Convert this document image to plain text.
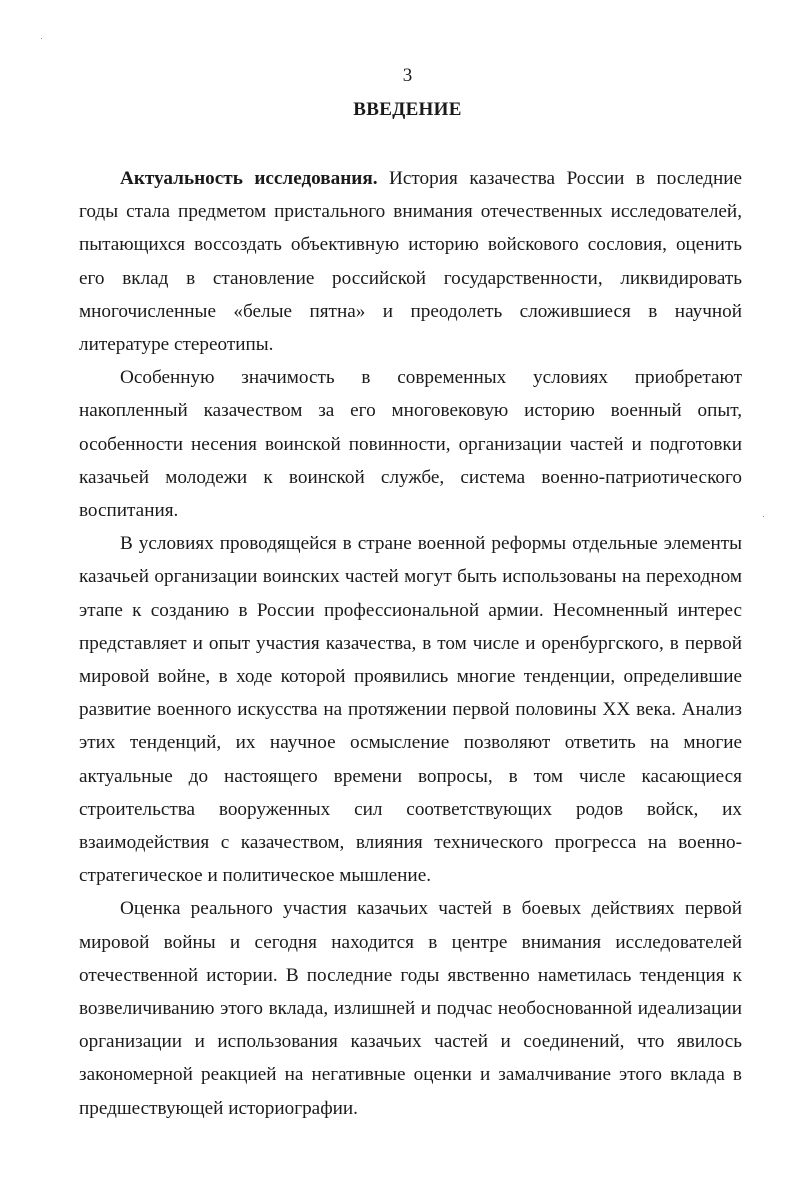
3
ВВЕДЕНИЕ

Актуальность исследования. История казачества России в последние годы стала предметом пристального внимания отечественных исследователей, пытающихся воссоздать объективную историю войскового сословия, оценить его вклад в становление российской государственности, ликвидировать многочисленные «белые пятна» и преодолеть сложившиеся в научной литературе стереотипы.

Особенную значимость в современных условиях приобретают накопленный казачеством за его многовековую историю военный опыт, особенности несения воинской повинности, организации частей и подготовки казачьей молодежи к воинской службе, система военно-патриотического воспитания.

В условиях проводящейся в стране военной реформы отдельные элементы казачьей организации воинских частей могут быть использованы на переходном этапе к созданию в России профессиональной армии. Несомненный интерес представляет и опыт участия казачества, в том числе и оренбургского, в первой мировой войне, в ходе которой проявились многие тенденции, определившие развитие военного искусства на протяжении первой половины XX века. Анализ этих тенденций, их научное осмысление позволяют ответить на многие актуальные до настоящего времени вопросы, в том числе касающиеся строительства вооруженных сил соответствующих родов войск, их взаимодействия с казачеством, влияния технического прогресса на военно-стратегическое и политическое мышление.

Оценка реального участия казачьих частей в боевых действиях первой мировой войны и сегодня находится в центре внимания исследователей отечественной истории. В последние годы явственно наметилась тенденция к возвеличиванию этого вклада, излишней и подчас необоснованной идеализации организации и использования казачьих частей и соединений, что явилось закономерной реакцией на негативные оценки и замалчивание этого вклада в предшествующей историографии.
